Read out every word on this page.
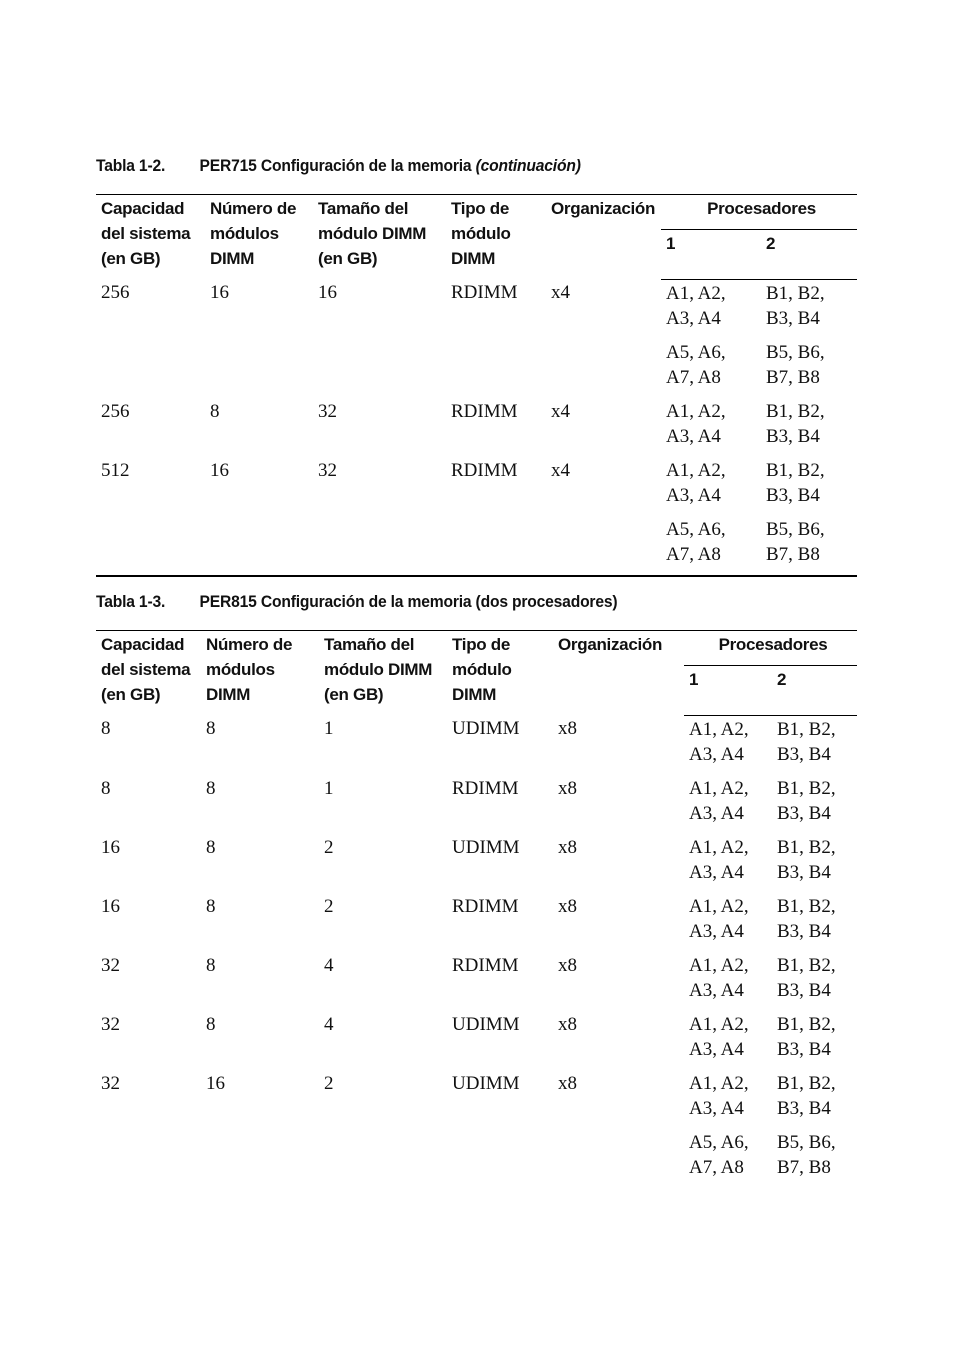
Tabla 1-2. PER715 Configuración de la memoria (continuación)
Capacidad del sistema (en GB)	Número de módulos DIMM	Tamaño del módulo DIMM (en GB)	Tipo de módulo DIMM	Organización	Procesadores	
					1	2
256	16	16	RDIMM	x4	A1, A2,
A3, A4	B1, B2,
B3, B4

					A5, A6,
A7, A8	B5, B6,
B7, B8

256	8	32	RDIMM	x4	A1, A2,
A3, A4	B1, B2,
B3, B4

512	16	32	RDIMM	x4	A1, A2,
A3, A4	B1, B2,
B3, B4

					A5, A6,
A7, A8	B5, B6,
B7, B8
Tabla 1-3. PER815 Configuración de la memoria (dos procesadores)
Capacidad del sistema (en GB)	Número de módulos DIMM	Tamaño del módulo DIMM (en GB)	Tipo de módulo DIMM	Organización	Procesadores	
					1	2
8	8	1	UDIMM	x8	A1, A2,
A3, A4	B1, B2,
B3, B4

8	8	1	RDIMM	x8	A1, A2,
A3, A4	B1, B2,
B3, B4

16	8	2	UDIMM	x8	A1, A2,
A3, A4	B1, B2,
B3, B4

16	8	2	RDIMM	x8	A1, A2,
A3, A4	B1, B2,
B3, B4

32	8	4	RDIMM	x8	A1, A2,
A3, A4	B1, B2,
B3, B4

32	8	4	UDIMM	x8	A1, A2,
A3, A4	B1, B2,
B3, B4

32	16	2	UDIMM	x8	A1, A2,
A3, A4	B1, B2,
B3, B4

					A5, A6,
A7, A8	B5, B6,
B7, B8
